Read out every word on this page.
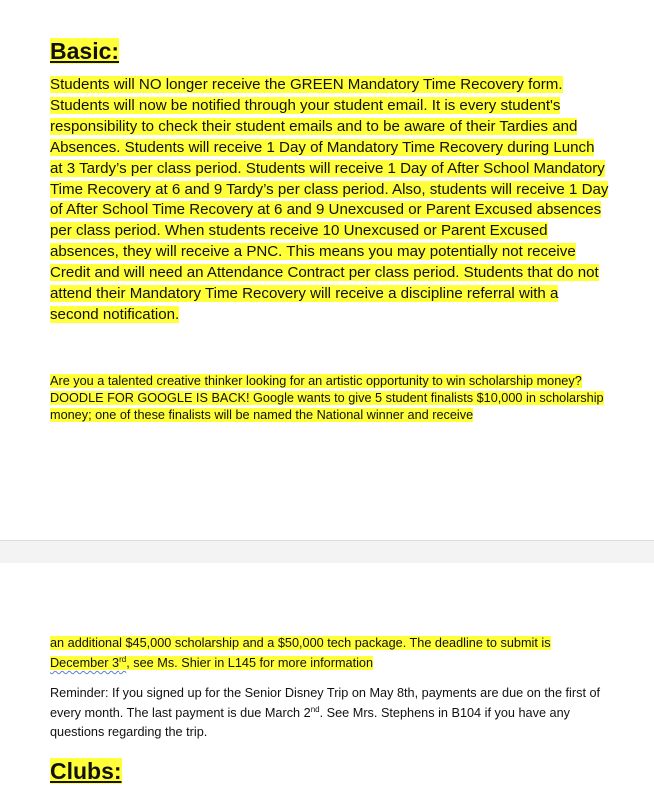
Basic:

Students will NO longer receive the GREEN Mandatory Time Recovery form. Students will now be notified through your student email. It is every student's responsibility to check their student emails and to be aware of their Tardies and Absences. Students will receive 1 Day of Mandatory Time Recovery during Lunch at 3 Tardy’s per class period. Students will receive 1 Day of After School Mandatory Time Recovery at 6 and 9 Tardy’s per class period. Also, students will receive 1 Day of After School Time Recovery at 6 and 9 Unexcused or Parent Excused absences per class period. When students receive 10 Unexcused or Parent Excused absences, they will receive a PNC. This means you may potentially not receive Credit and will need an Attendance Contract per class period. Students that do not attend their Mandatory Time Recovery will receive a discipline referral with a second notification.

Are you a talented creative thinker looking for an artistic opportunity to win scholarship money? DOODLE FOR GOOGLE IS BACK! Google wants to give 5 student finalists $10,000 in scholarship money; one of these finalists will be named the National winner and receive

an additional $45,000 scholarship and a $50,000 tech package. The deadline to submit is December 3rd, see Ms. Shier in L145 for more information

Reminder: If you signed up for the Senior Disney Trip on May 8th, payments are due on the first of every month. The last payment is due March 2nd. See Mrs. Stephens in B104 if you have any questions regarding the trip.

Clubs:
